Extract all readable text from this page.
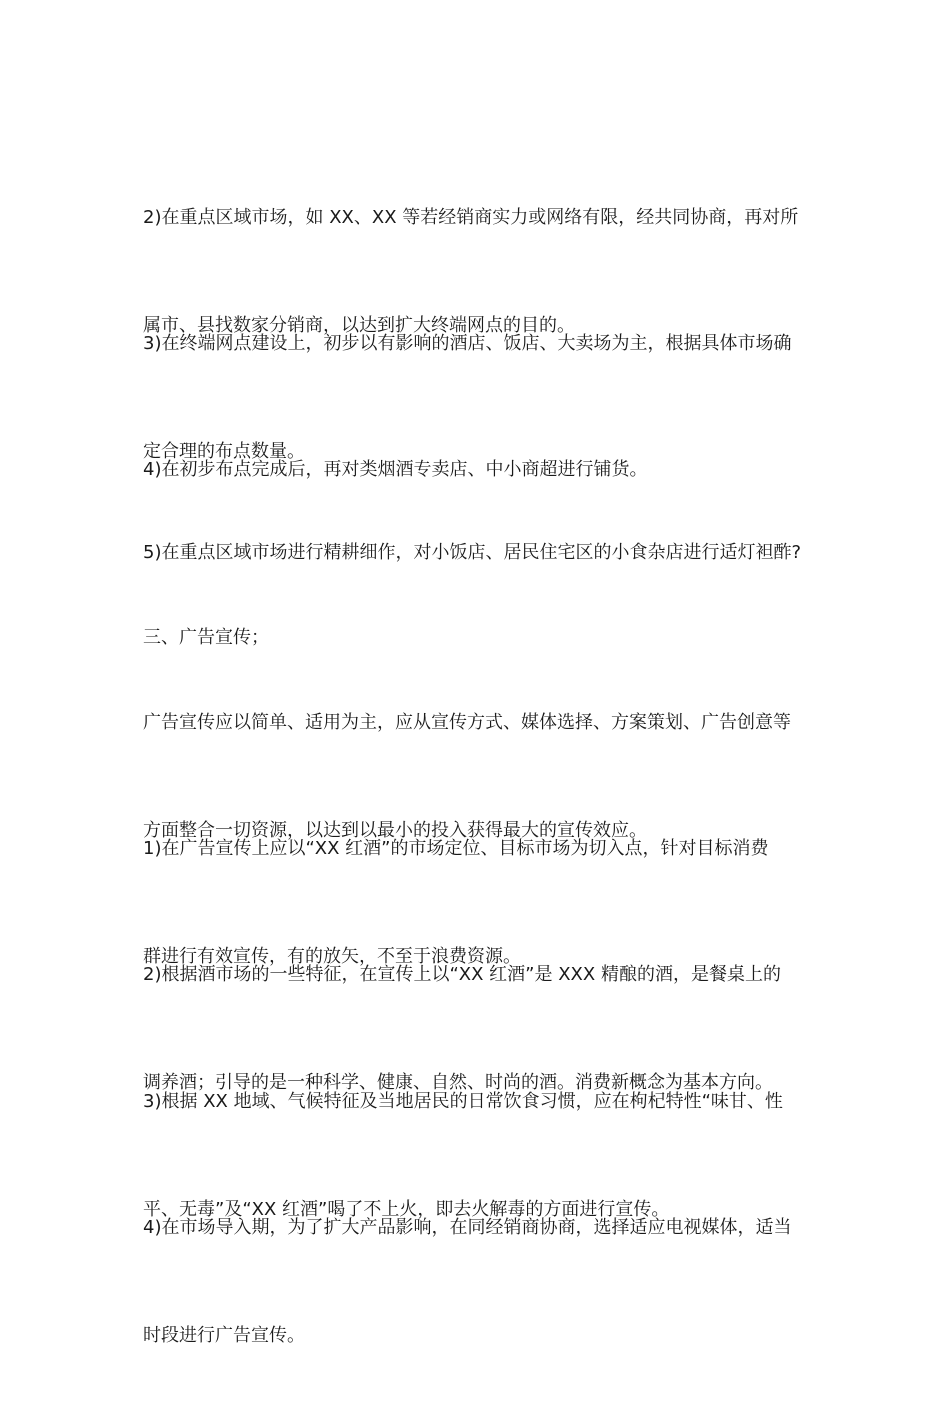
2)在重点区域市场，如 XX、XX 等若经销商实力或网络有限，经共同协商，再对所

属市、县找数家分销商，以达到扩大终端网点的目的。

3)在终端网点建设上，初步以有影响的酒店、饭店、大卖场为主，根据具体市场确

定合理的布点数量。

4)在初步布点完成后，再对类烟酒专卖店、中小商超进行铺货。

5)在重点区域市场进行精耕细作，对小饭店、居民住宅区的小食杂店进行适灯袒酢?

三、广告宣传；

广告宣传应以简单、适用为主，应从宣传方式、媒体选择、方案策划、广告创意等

方面整合一切资源，以达到以最小的投入获得最大的宣传效应。

1)在广告宣传上应以“XX 红酒”的市场定位、目标市场为切入点，针对目标消费

群进行有效宣传，有的放矢，不至于浪费资源。

2)根据酒市场的一些特征，在宣传上以“XX 红酒”是 XXX 精酿的酒，是餐桌上的

调养酒；引导的是一种科学、健康、自然、时尚的酒。消费新概念为基本方向。

3)根据 XX 地域、气候特征及当地居民的日常饮食习惯，应在枸杞特性“味甘、性

平、无毒”及“XX 红酒”喝了不上火，即去火解毒的方面进行宣传。

4)在市场导入期，为了扩大产品影响，在同经销商协商，选择适应电视媒体，适当

时段进行广告宣传。
